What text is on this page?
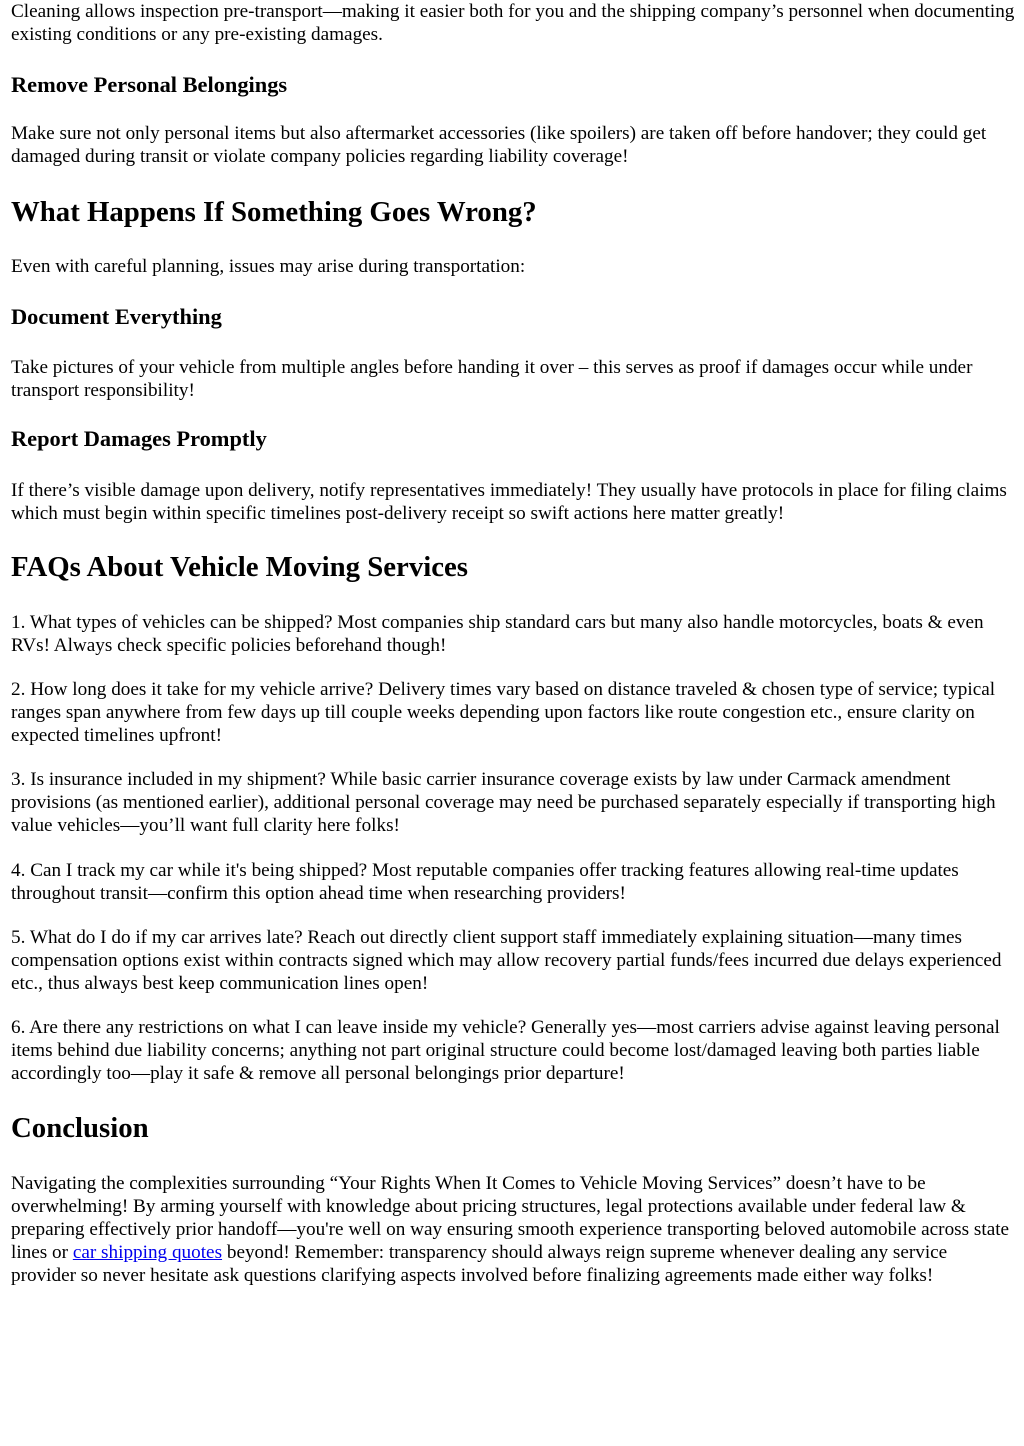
Cleaning allows inspection pre-transport—making it easier both for you and the shipping company’s personnel when documenting existing conditions or any pre-existing damages.

Remove Personal Belongings

Make sure not only personal items but also aftermarket accessories (like spoilers) are taken off before handover; they could get damaged during transit or violate company policies regarding liability coverage!

What Happens If Something Goes Wrong?

Even with careful planning, issues may arise during transportation:

Document Everything

Take pictures of your vehicle from multiple angles before handing it over – this serves as proof if damages occur while under transport responsibility!

Report Damages Promptly

If there’s visible damage upon delivery, notify representatives immediately! They usually have protocols in place for filing claims which must begin within specific timelines post-delivery receipt so swift actions here matter greatly!

FAQs About Vehicle Moving Services

1. What types of vehicles can be shipped? Most companies ship standard cars but many also handle motorcycles, boats & even RVs! Always check specific policies beforehand though!

2. How long does it take for my vehicle arrive? Delivery times vary based on distance traveled & chosen type of service; typical ranges span anywhere from few days up till couple weeks depending upon factors like route congestion etc., ensure clarity on expected timelines upfront!

3. Is insurance included in my shipment? While basic carrier insurance coverage exists by law under Carmack amendment provisions (as mentioned earlier), additional personal coverage may need be purchased separately especially if transporting high value vehicles—you’ll want full clarity here folks!

4. Can I track my car while it's being shipped? Most reputable companies offer tracking features allowing real-time updates throughout transit—confirm this option ahead time when researching providers!

5. What do I do if my car arrives late? Reach out directly client support staff immediately explaining situation—many times compensation options exist within contracts signed which may allow recovery partial funds/fees incurred due delays experienced etc., thus always best keep communication lines open!

6. Are there any restrictions on what I can leave inside my vehicle? Generally yes—most carriers advise against leaving personal items behind due liability concerns; anything not part original structure could become lost/damaged leaving both parties liable accordingly too—play it safe & remove all personal belongings prior departure!

Conclusion

Navigating the complexities surrounding “Your Rights When It Comes to Vehicle Moving Services” doesn’t have to be overwhelming! By arming yourself with knowledge about pricing structures, legal protections available under federal law & preparing effectively prior handoff—you're well on way ensuring smooth experience transporting beloved automobile across state lines or car shipping quotes beyond! Remember: transparency should always reign supreme whenever dealing any service provider so never hesitate ask questions clarifying aspects involved before finalizing agreements made either way folks!
